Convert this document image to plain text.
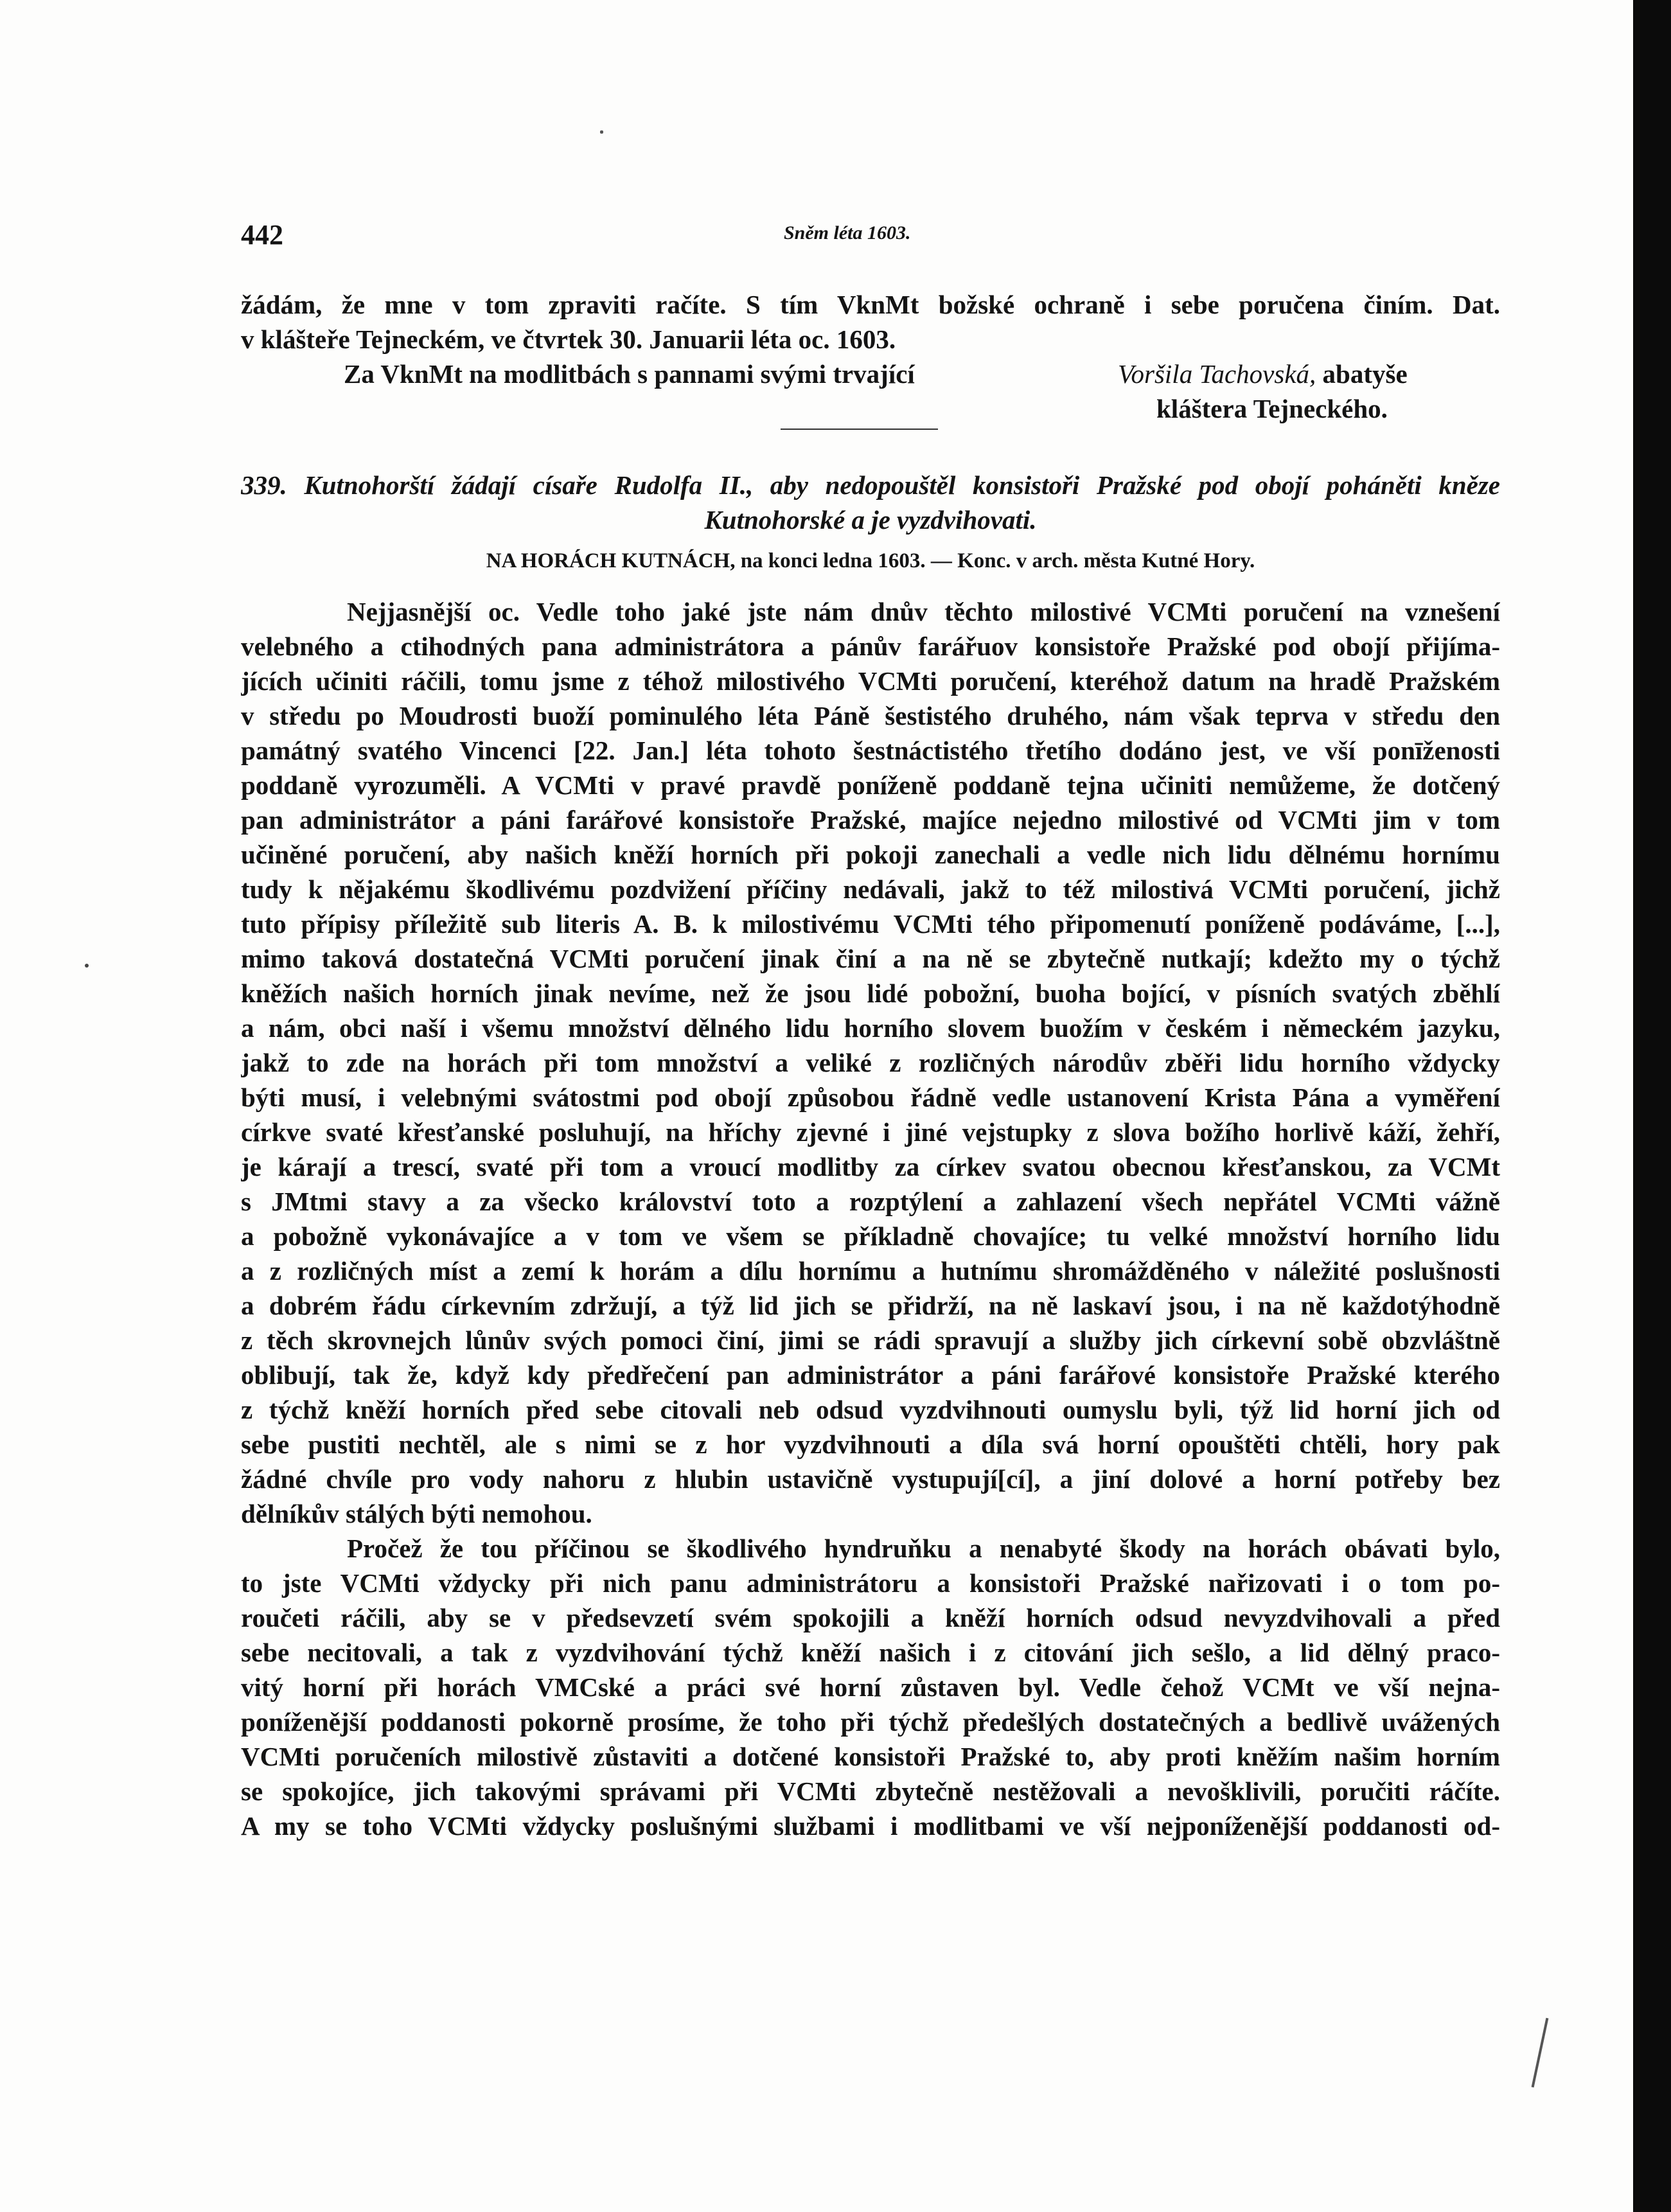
442	Sněm léta 1603.
žádám, že mne v tom zpraviti račíte. S tím VknMt božské ochraně i sebe poručena činím. Dat.
v klášteře Tejneckém, ve čtvrtek 30. Januarii léta oc. 1603.
Za VknMt na modlitbách s pannami svými trvající	Voršila Tachovská, abatyše
kláštera Tejneckého.
339. Kutnohorští žádají císaře Rudolfa II., aby nedopouštěl konsistoři Pražské pod obojí poháněti kněze
Kutnohorské a je vyzdvihovati.
NA HORÁCH KUTNÁCH, na konci ledna 1603. — Konc. v arch. města Kutné Hory.
Nejjasnější oc. Vedle toho jaké jste nám dnův těchto milostivé VCMti poručení na vznešení
velebného a ctihodných pana administrátora a pánův farářuov konsistoře Pražské pod obojí přijíma-
jících učiniti ráčili, tomu jsme z téhož milostivého VCMti poručení, kteréhož datum na hradě Pražském
v středu po Moudrosti buoží pominulého léta Páně šestistého druhého, nám však teprva v středu den
památný svatého Vincenci [22. Jan.] léta tohoto šestnáctistého třetího dodáno jest, ve vší ponīženosti
poddaně vyrozuměli. A VCMti v pravé pravdě poníženě poddaně tejna učiniti nemůžeme, že dotčený
pan administrátor a páni farářové konsistoře Pražské, majíce nejedno milostivé od VCMti jim v tom
učiněné poručení, aby našich kněží horních při pokoji zanechali a vedle nich lidu dělnému hornímu
tudy k nějakému škodlivému pozdvižení příčiny nedávali, jakž to též milostivá VCMti poručení, jichž
tuto přípisy příležitě sub literis A. B. k milostivému VCMti tého připomenutí poníženě podáváme, [...],
mimo taková dostatečná VCMti poručení jinak činí a na ně se zbytečně nutkají; kdežto my o týchž
kněžích našich horních jinak nevíme, než že jsou lidé pobožní, buoha bojící, v písních svatých zběhlí
a nám, obci naší i všemu množství dělného lidu horního slovem buožím v českém i německém jazyku,
jakž to zde na horách při tom množství a veliké z rozličných národův zběři lidu horního vždycky
býti musí, i velebnými svátostmi pod obojí způsobou řádně vedle ustanovení Krista Pána a vyměření
církve svaté křesťanské posluhují, na hříchy zjevné i jiné vejstupky z slova božího horlivě káží, žehří,
je kárají a trescí, svaté při tom a vroucí modlitby za církev svatou obecnou křesťanskou, za VCMt
s JMtmi stavy a za všecko království toto a rozptýlení a zahlazení všech nepřátel VCMti vážně
a pobožně vykonávajíce a v tom ve všem se příkladně chovajíce; tu velké množství horního lidu
a z rozličných míst a zemí k horám a dílu hornímu a hutnímu shromážděného v náležité poslušnosti
a dobrém řádu církevním zdržují, a týž lid jich se přidrží, na ně laskaví jsou, i na ně každotýhodně
z těch skrovnejch lůnův svých pomoci činí, jimi se rádi spravují a služby jich církevní sobě obzvláštně
oblibují, tak že, když kdy předřečení pan administrátor a páni farářové konsistoře Pražské kterého
z týchž kněží horních před sebe citovali neb odsud vyzdvihnouti oumyslu byli, týž lid horní jich od
sebe pustiti nechtěl, ale s nimi se z hor vyzdvihnouti a díla svá horní opouštěti chtěli, hory pak
žádné chvíle pro vody nahoru z hlubin ustavičně vystupují[cí], a jiní dolové a horní potřeby bez
dělníkův stálých býti nemohou.
Pročež že tou příčinou se škodlivého hyndruňku a nenabyté škody na horách obávati bylo,
to jste VCMti vždycky při nich panu administrátoru a konsistoři Pražské nařizovati i o tom po-
roučeti ráčili, aby se v předsevzetí svém spokojili a kněží horních odsud nevyzdvihovali a před
sebe necitovali, a tak z vyzdvihování týchž kněží našich i z citování jich sešlo, a lid dělný praco-
vitý horní při horách VMCské a práci své horní zůstaven byl. Vedle čehož VCMt ve vší nejna-
poníženější poddanosti pokorně prosíme, že toho při týchž předešlých dostatečných a bedlivě uvážených
VCMti poručeních milostivě zůstaviti a dotčené konsistoři Pražské to, aby proti kněžím našim horním
se spokojíce, jich takovými správami při VCMti zbytečně nestěžovali a nevošklivili, poručiti ráčíte.
A my se toho VCMti vždycky poslušnými službami i modlitbami ve vší nejponíženější poddanosti od-
